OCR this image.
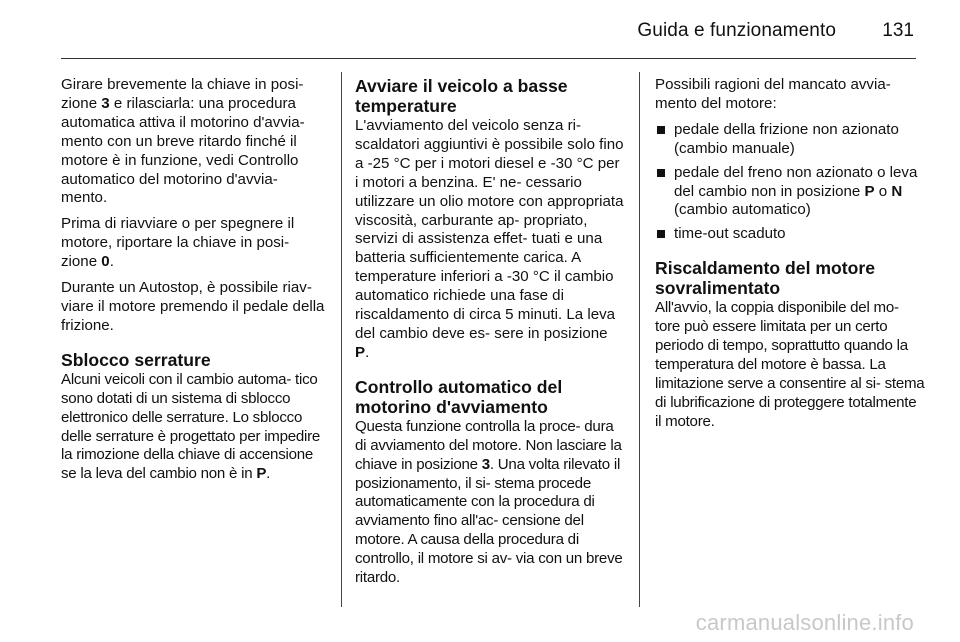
Guida e funzionamento 131

Girare brevemente la chiave in posi-zione 3 e rilasciarla: una procedura automatica attiva il motorino d'avvia- mento con un breve ritardo finché il motore è in funzione, vedi Controllo automatico del motorino d'avvia- mento.

Prima di riavviare o per spegnere il motore, riportare la chiave in posi- zione 0.

Durante un Autostop, è possibile riav- viare il motore premendo il pedale della frizione.

Sblocco serrature

Alcuni veicoli con il cambio automa- tico sono dotati di un sistema di sblocco elettronico delle serrature. Lo sblocco delle serrature è progettato per impedire la rimozione della chiave di accensione se la leva del cambio non è in P.

Avviare il veicolo a basse temperature

L'avviamento del veicolo senza ri- scaldatori aggiuntivi è possibile solo fino a -25 °C per i motori diesel e -30 °C per i motori a benzina. E' ne- cessario utilizzare un olio motore con appropriata viscosità, carburante ap- propriato, servizi di assistenza effet- tuati e una batteria sufficientemente carica. A temperature inferiori a -30 °C il cambio automatico richiede una fase di riscaldamento di circa 5 minuti. La leva del cambio deve es- sere in posizione P.

Controllo automatico del motorino d'avviamento

Questa funzione controlla la proce- dura di avviamento del motore. Non lasciare la chiave in posizione 3. Una volta rilevato il posizionamento, il si- stema procede automaticamente con la procedura di avviamento fino all'ac- censione del motore. A causa della procedura di controllo, il motore si av- via con un breve ritardo.

Possibili ragioni del mancato avvia- mento del motore:

pedale della frizione non azionato (cambio manuale)
pedale del freno non azionato o leva del cambio non in posizione P o N (cambio automatico)
time-out scaduto
Riscaldamento del motore sovralimentato

All'avvio, la coppia disponibile del mo- tore può essere limitata per un certo periodo di tempo, soprattutto quando la temperatura del motore è bassa. La limitazione serve a consentire al si- stema di lubrificazione di proteggere totalmente il motore.

carmanualsonline.info
